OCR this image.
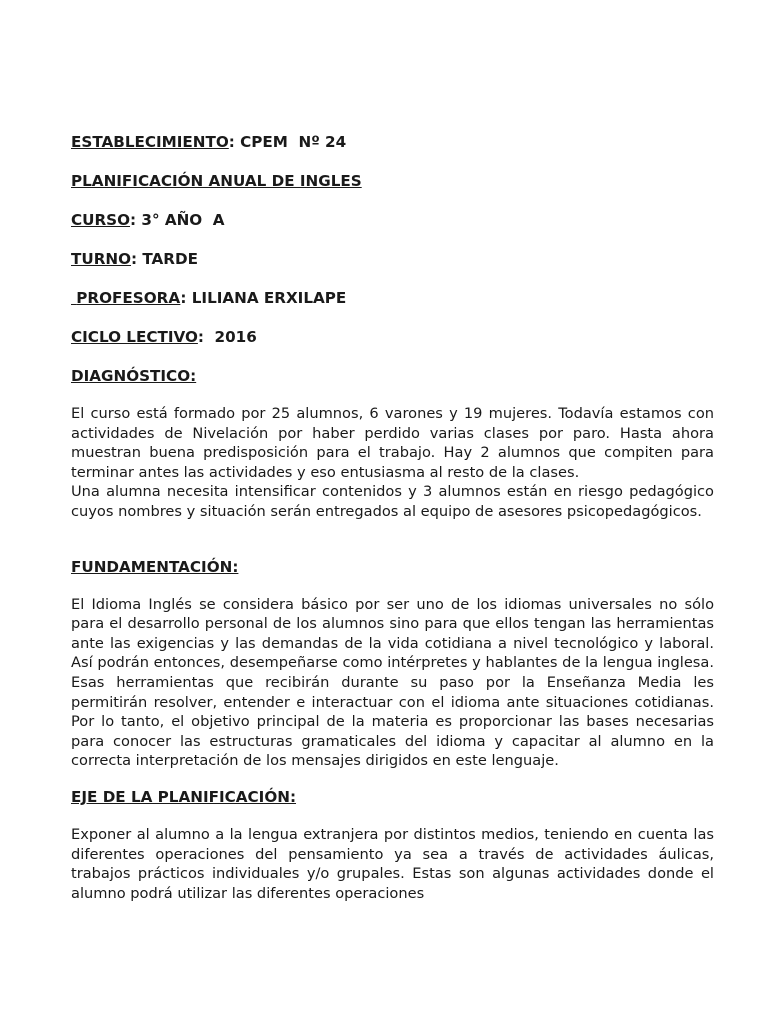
ESTABLECIMIENTO: CPEM  Nº 24
PLANIFICACIÓN ANUAL DE INGLES
CURSO: 3° AÑO  A
TURNO: TARDE
PROFESORA: LILIANA ERXILAPE
CICLO LECTIVO:  2016
DIAGNÓSTICO:

El curso está formado por 25 alumnos, 6 varones y 19 mujeres. Todavía estamos con actividades de Nivelación por haber perdido varias clases por paro. Hasta ahora muestran buena predisposición para el trabajo. Hay 2 alumnos que compiten para terminar antes las actividades y eso entusiasma al resto de la clases.

Una alumna necesita intensificar contenidos y 3 alumnos están en riesgo pedagógico cuyos nombres y situación serán entregados al equipo de asesores psicopedagógicos.

FUNDAMENTACIÓN:

El Idioma Inglés se considera básico por ser uno de los idiomas universales no sólo para el desarrollo personal de los alumnos sino para que ellos tengan las herramientas ante las exigencias y las demandas de la vida cotidiana a nivel tecnológico y laboral. Así podrán entonces, desempeñarse como intérpretes y hablantes de la lengua inglesa. Esas herramientas que recibirán durante su paso por la Enseñanza Media les permitirán resolver, entender e interactuar con el idioma ante situaciones cotidianas. Por lo tanto, el objetivo principal de la materia es proporcionar las bases necesarias para conocer las estructuras gramaticales del idioma y capacitar al alumno en la correcta interpretación de los mensajes dirigidos en este lenguaje.

EJE DE LA PLANIFICACIÓN:

Exponer al alumno a la lengua extranjera por distintos medios, teniendo en cuenta las diferentes operaciones del pensamiento ya sea a través de actividades áulicas, trabajos prácticos individuales y/o grupales. Estas son algunas actividades donde el alumno podrá utilizar las diferentes operaciones
